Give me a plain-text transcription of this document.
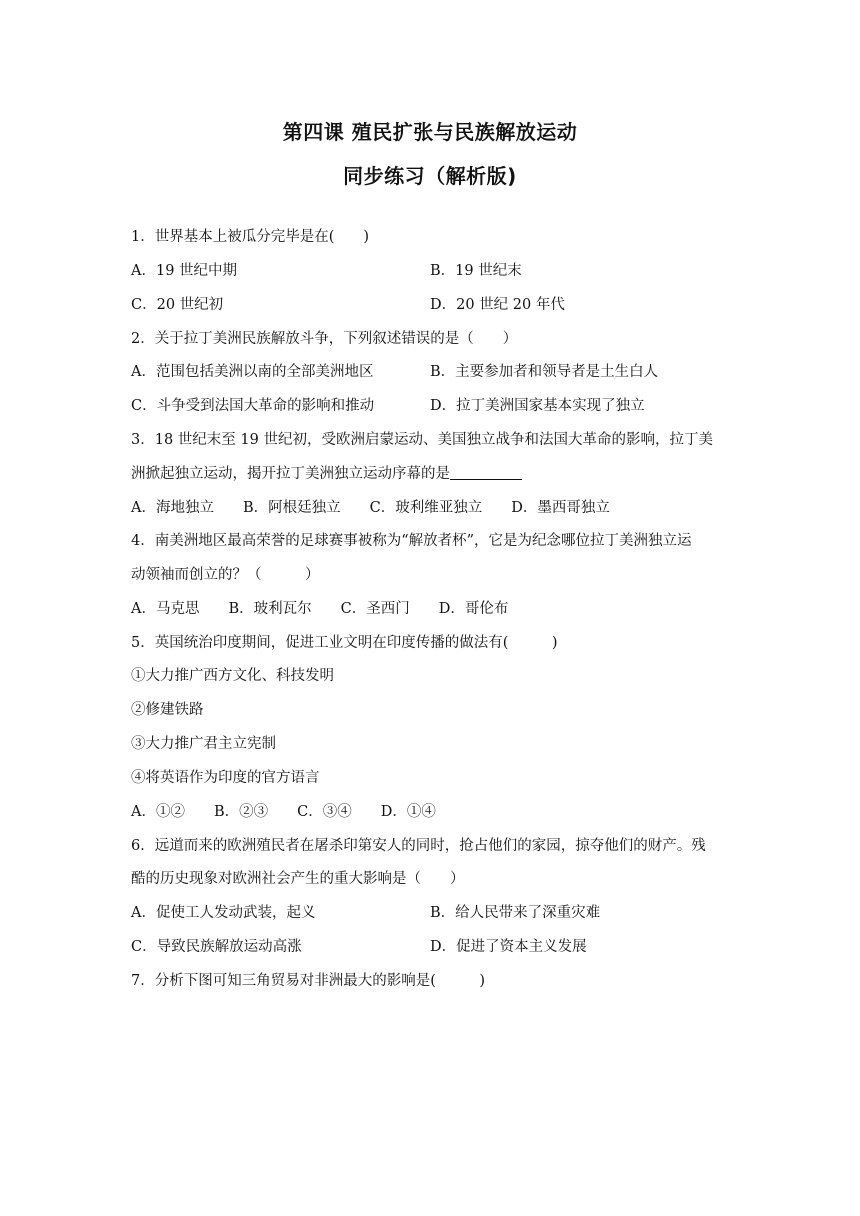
第四课 殖民扩张与民族解放运动
同步练习（解析版)
1．世界基本上被瓜分完毕是在(　　)
A．19 世纪中期	B．19 世纪末
C．20 世纪初	D．20 世纪 20 年代
2．关于拉丁美洲民族解放斗争，下列叙述错误的是（　　）
A．范围包括美洲以南的全部美洲地区	B．主要参加者和领导者是土生白人
C．斗争受到法国大革命的影响和推动	D．拉丁美洲国家基本实现了独立
3．18 世纪末至 19 世纪初，受欧洲启蒙运动、美国独立战争和法国大革命的影响，拉丁美
洲掀起独立运动，揭开拉丁美洲独立运动序幕的是
A．海地独立　　B．阿根廷独立　　C．玻利维亚独立　　D．墨西哥独立
4．南美洲地区最高荣誉的足球赛事被称为“解放者杯”，它是为纪念哪位拉丁美洲独立运
动领袖而创立的？（　　　）
A．马克思　　B．玻利瓦尔　　C．圣西门　　D．哥伦布
5．英国统治印度期间，促进工业文明在印度传播的做法有(　　　)
①大力推广西方文化、科技发明
②修建铁路
③大力推广君主立宪制
④将英语作为印度的官方语言
A．①②　　B．②③　　C．③④　　D．①④
6．远道而来的欧洲殖民者在屠杀印第安人的同时，抢占他们的家园，掠夺他们的财产。残
酷的历史现象对欧洲社会产生的重大影响是（　　）
A．促使工人发动武装，起义	B．给人民带来了深重灾难
C．导致民族解放运动高涨	D．促进了资本主义发展
7．分析下图可知三角贸易对非洲最大的影响是(　　　)
